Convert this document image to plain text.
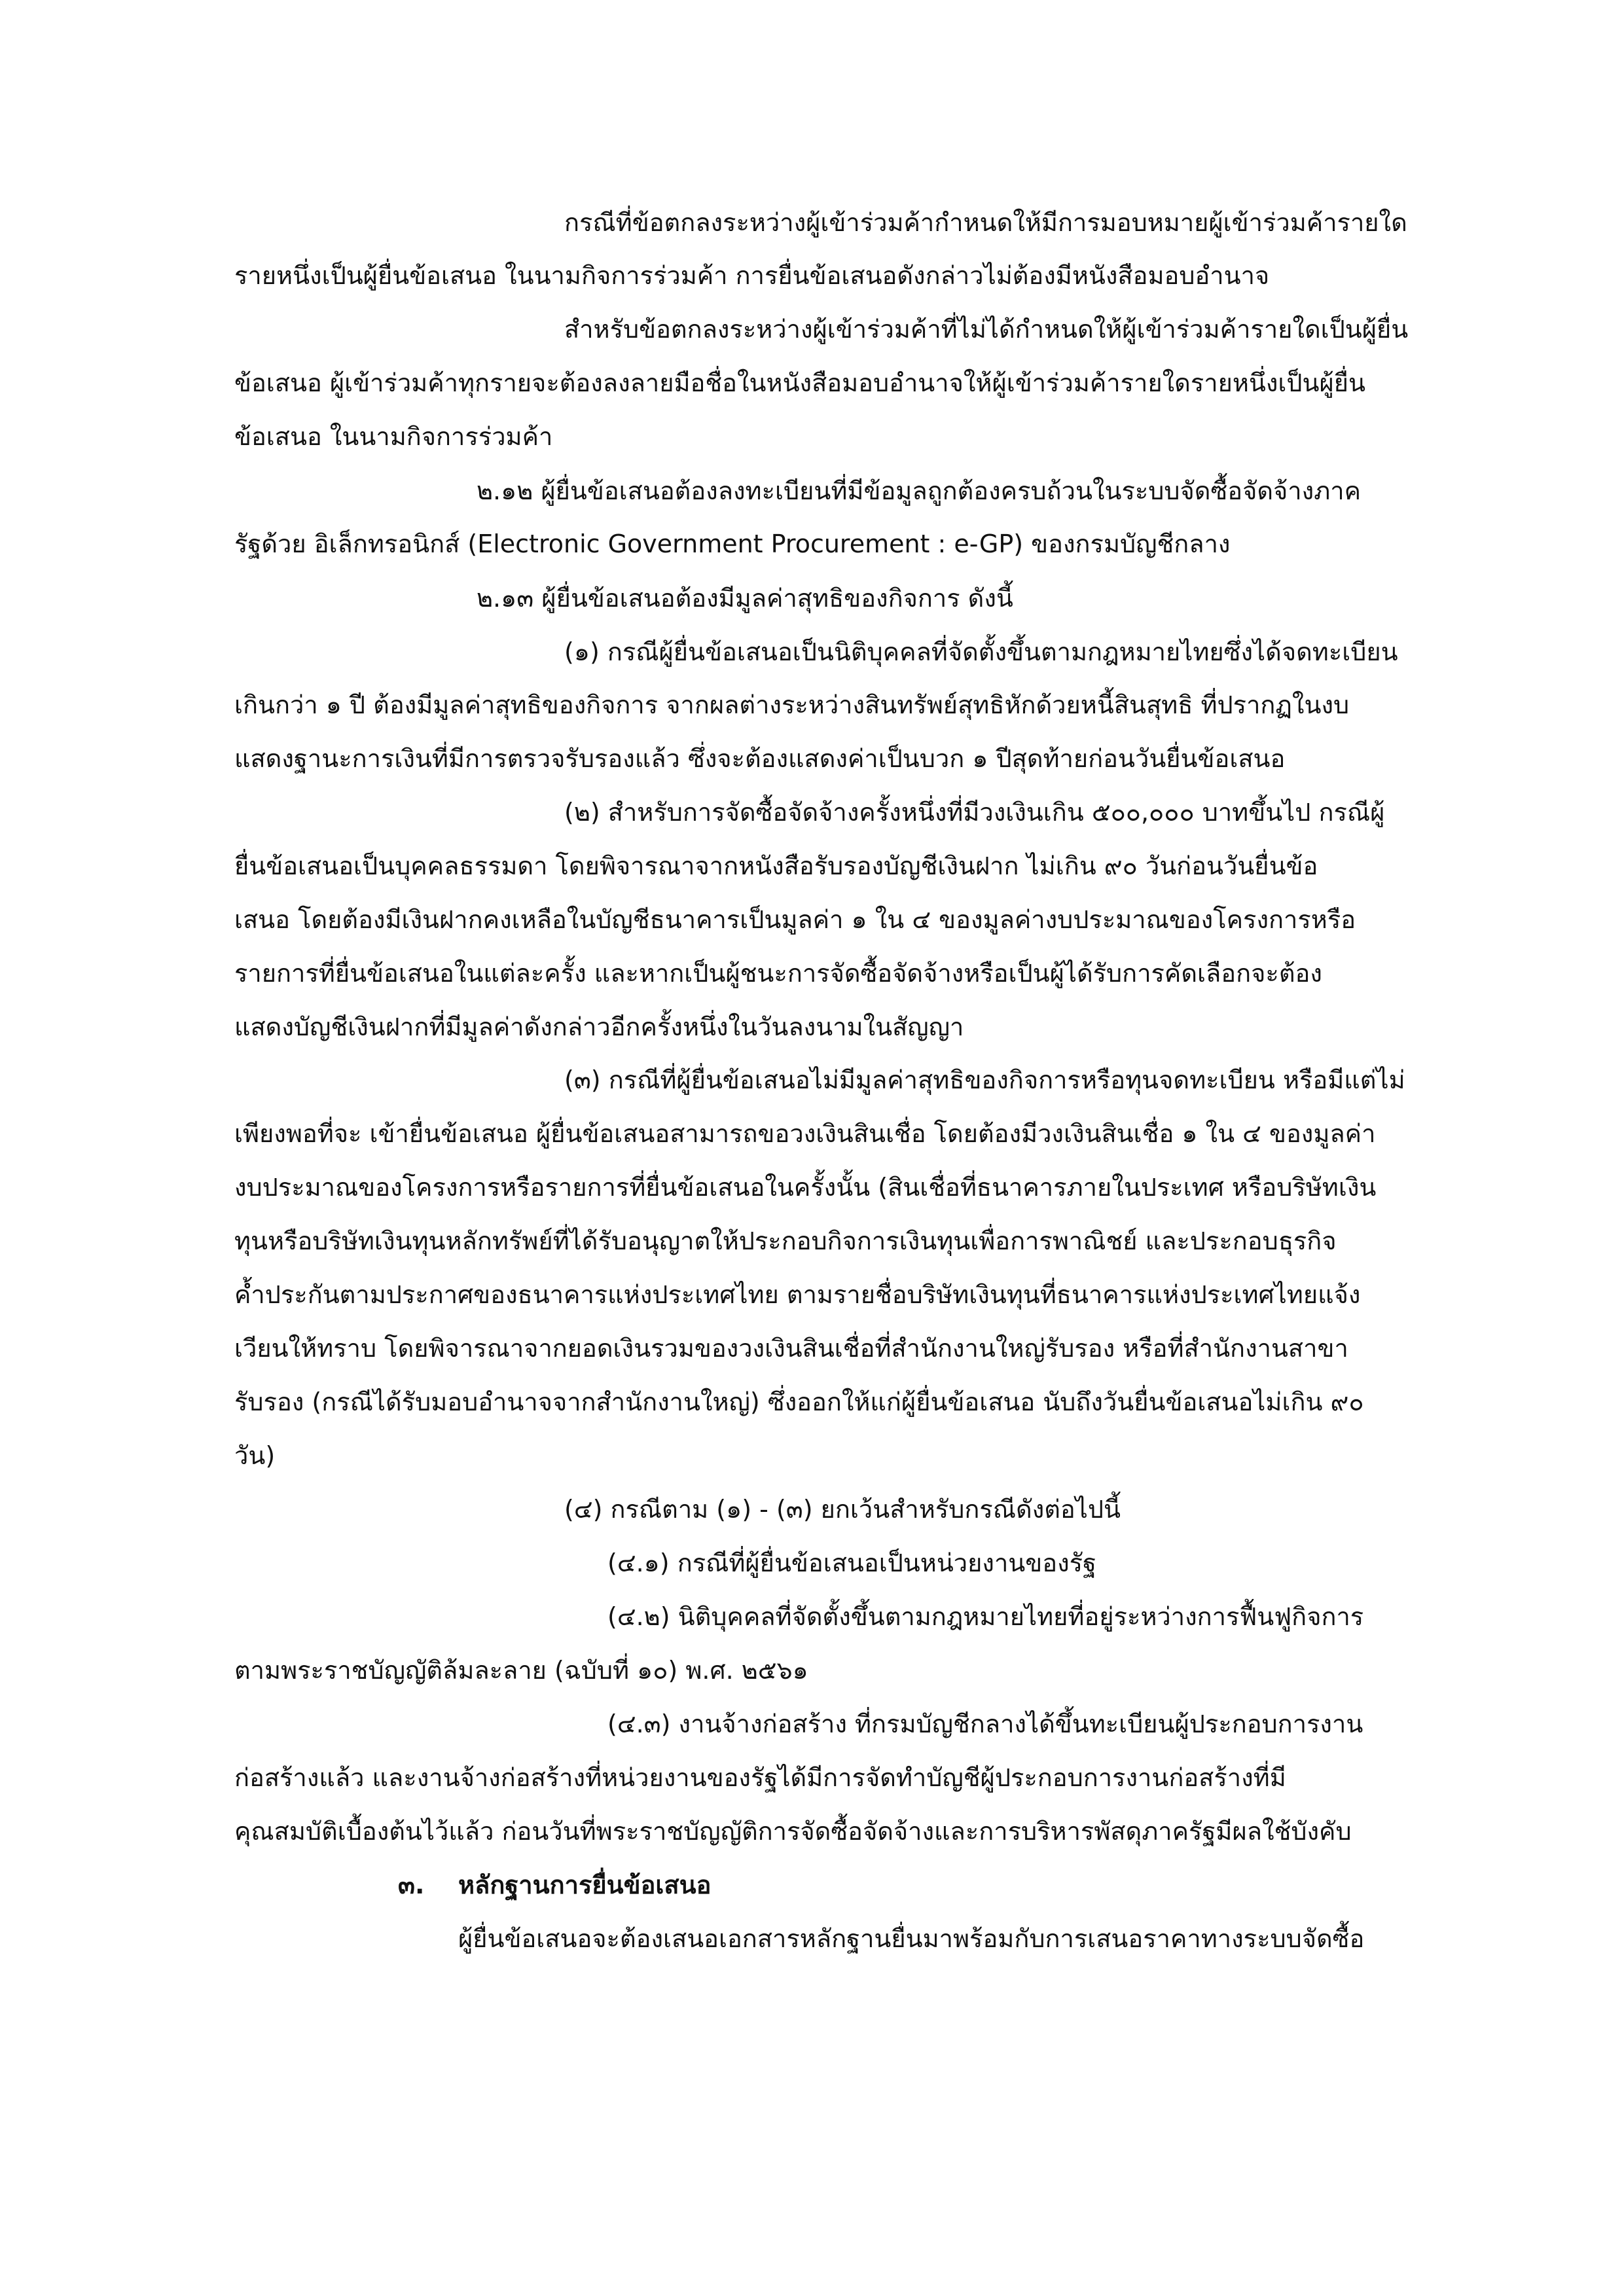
กรณีที่ข้อตกลงระหว่างผู้เข้าร่วมค้ากำหนดให้มีการมอบหมายผู้เข้าร่วมค้ารายใด

รายหนึ่งเป็นผู้ยื่นข้อเสนอ ในนามกิจการร่วมค้า การยื่นข้อเสนอดังกล่าวไม่ต้องมีหนังสือมอบอำนาจ

สำหรับข้อตกลงระหว่างผู้เข้าร่วมค้าที่ไม่ได้กำหนดให้ผู้เข้าร่วมค้ารายใดเป็นผู้ยื่น

ข้อเสนอ ผู้เข้าร่วมค้าทุกรายจะต้องลงลายมือชื่อในหนังสือมอบอำนาจให้ผู้เข้าร่วมค้ารายใดรายหนึ่งเป็นผู้ยื่น

ข้อเสนอ ในนามกิจการร่วมค้า

๒.๑๒ ผู้ยื่นข้อเสนอต้องลงทะเบียนที่มีข้อมูลถูกต้องครบถ้วนในระบบจัดซื้อจัดจ้างภาค

รัฐด้วย อิเล็กทรอนิกส์ (Electronic Government Procurement : e-GP) ของกรมบัญชีกลาง

๒.๑๓ ผู้ยื่นข้อเสนอต้องมีมูลค่าสุทธิของกิจการ ดังนี้

(๑) กรณีผู้ยื่นข้อเสนอเป็นนิติบุคคลที่จัดตั้งขึ้นตามกฎหมายไทยซึ่งได้จดทะเบียน

เกินกว่า ๑ ปี ต้องมีมูลค่าสุทธิของกิจการ จากผลต่างระหว่างสินทรัพย์สุทธิหักด้วยหนี้สินสุทธิ ที่ปรากฏในงบ

แสดงฐานะการเงินที่มีการตรวจรับรองแล้ว ซึ่งจะต้องแสดงค่าเป็นบวก ๑ ปีสุดท้ายก่อนวันยื่นข้อเสนอ

(๒) สำหรับการจัดซื้อจัดจ้างครั้งหนึ่งที่มีวงเงินเกิน ๕๐๐,๐๐๐ บาทขึ้นไป กรณีผู้

ยื่นข้อเสนอเป็นบุคคลธรรมดา โดยพิจารณาจากหนังสือรับรองบัญชีเงินฝาก ไม่เกิน ๙๐ วันก่อนวันยื่นข้อ

เสนอ โดยต้องมีเงินฝากคงเหลือในบัญชีธนาคารเป็นมูลค่า ๑ ใน ๔ ของมูลค่างบประมาณของโครงการหรือ

รายการที่ยื่นข้อเสนอในแต่ละครั้ง และหากเป็นผู้ชนะการจัดซื้อจัดจ้างหรือเป็นผู้ได้รับการคัดเลือกจะต้อง

แสดงบัญชีเงินฝากที่มีมูลค่าดังกล่าวอีกครั้งหนึ่งในวันลงนามในสัญญา

(๓) กรณีที่ผู้ยื่นข้อเสนอไม่มีมูลค่าสุทธิของกิจการหรือทุนจดทะเบียน หรือมีแต่ไม่

เพียงพอที่จะ เข้ายื่นข้อเสนอ ผู้ยื่นข้อเสนอสามารถขอวงเงินสินเชื่อ โดยต้องมีวงเงินสินเชื่อ ๑ ใน ๔ ของมูลค่า

งบประมาณของโครงการหรือรายการที่ยื่นข้อเสนอในครั้งนั้น (สินเชื่อที่ธนาคารภายในประเทศ หรือบริษัทเงิน

ทุนหรือบริษัทเงินทุนหลักทรัพย์ที่ได้รับอนุญาตให้ประกอบกิจการเงินทุนเพื่อการพาณิชย์ และประกอบธุรกิจ

ค้ำประกันตามประกาศของธนาคารแห่งประเทศไทย ตามรายชื่อบริษัทเงินทุนที่ธนาคารแห่งประเทศไทยแจ้ง

เวียนให้ทราบ โดยพิจารณาจากยอดเงินรวมของวงเงินสินเชื่อที่สำนักงานใหญ่รับรอง หรือที่สำนักงานสาขา

รับรอง (กรณีได้รับมอบอำนาจจากสำนักงานใหญ่) ซึ่งออกให้แก่ผู้ยื่นข้อเสนอ นับถึงวันยื่นข้อเสนอไม่เกิน ๙๐

วัน)

(๔) กรณีตาม (๑) - (๓) ยกเว้นสำหรับกรณีดังต่อไปนี้

(๔.๑) กรณีที่ผู้ยื่นข้อเสนอเป็นหน่วยงานของรัฐ

(๔.๒) นิติบุคคลที่จัดตั้งขึ้นตามกฎหมายไทยที่อยู่ระหว่างการฟื้นฟูกิจการ

ตามพระราชบัญญัติล้มละลาย (ฉบับที่ ๑๐) พ.ศ. ๒๕๖๑

(๔.๓) งานจ้างก่อสร้าง ที่กรมบัญชีกลางได้ขึ้นทะเบียนผู้ประกอบการงาน

ก่อสร้างแล้ว และงานจ้างก่อสร้างที่หน่วยงานของรัฐได้มีการจัดทำบัญชีผู้ประกอบการงานก่อสร้างที่มี

คุณสมบัติเบื้องต้นไว้แล้ว ก่อนวันที่พระราชบัญญัติการจัดซื้อจัดจ้างและการบริหารพัสดุภาครัฐมีผลใช้บังคับ

๓. หลักฐานการยื่นข้อเสนอ

ผู้ยื่นข้อเสนอจะต้องเสนอเอกสารหลักฐานยื่นมาพร้อมกับการเสนอราคาทางระบบจัดซื้อ
